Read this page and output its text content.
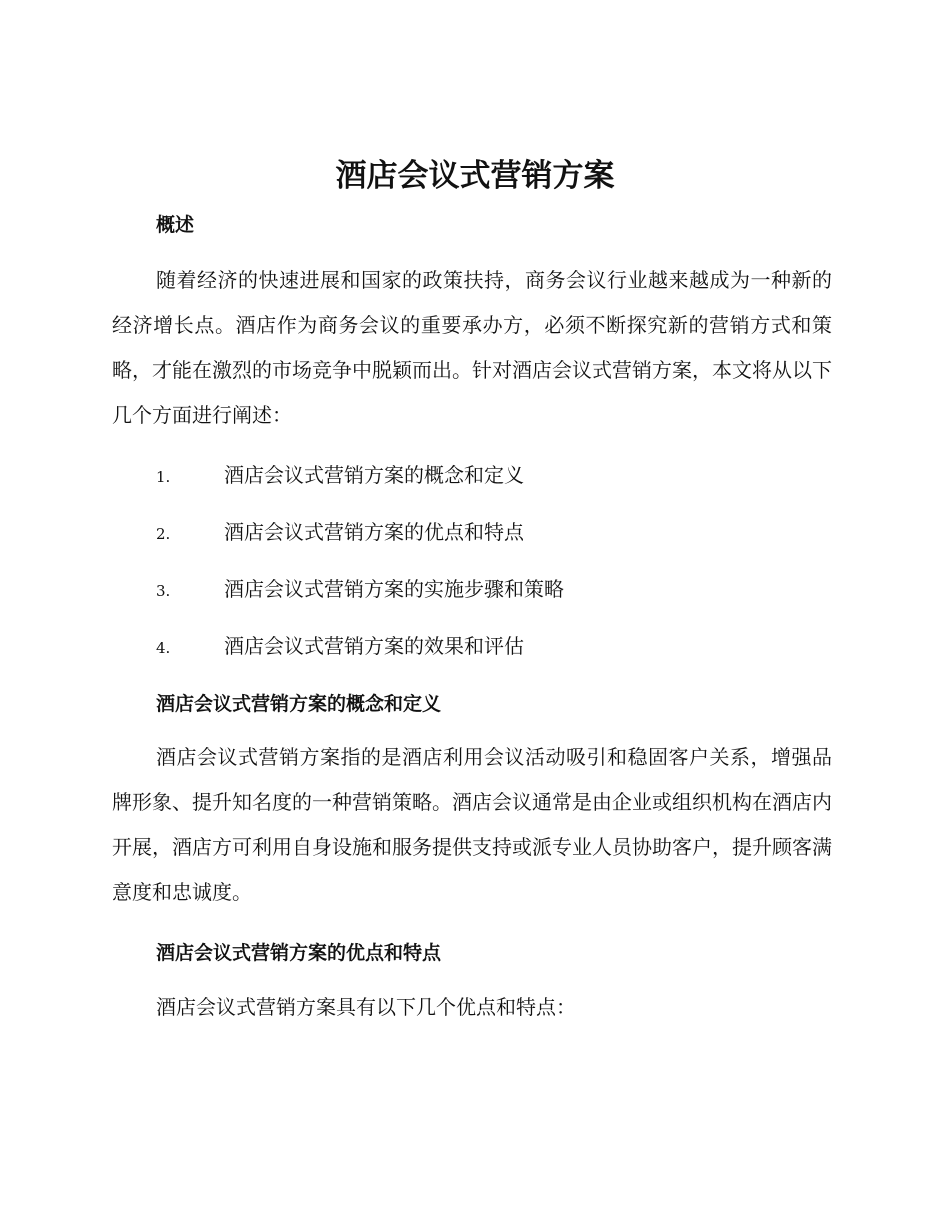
酒店会议式营销方案
概述

随着经济的快速进展和国家的政策扶持，商务会议行业越来越成为一种新的经济增长点。酒店作为商务会议的重要承办方，必须不断探究新的营销方式和策略，才能在激烈的市场竞争中脱颖而出。针对酒店会议式营销方案，本文将从以下几个方面进行阐述：

1.	酒店会议式营销方案的概念和定义
2.	酒店会议式营销方案的优点和特点
3.	酒店会议式营销方案的实施步骤和策略
4.	酒店会议式营销方案的效果和评估
酒店会议式营销方案的概念和定义

酒店会议式营销方案指的是酒店利用会议活动吸引和稳固客户关系，增强品牌形象、提升知名度的一种营销策略。酒店会议通常是由企业或组织机构在酒店内开展，酒店方可利用自身设施和服务提供支持或派专业人员协助客户，提升顾客满意度和忠诚度。

酒店会议式营销方案的优点和特点

酒店会议式营销方案具有以下几个优点和特点：
